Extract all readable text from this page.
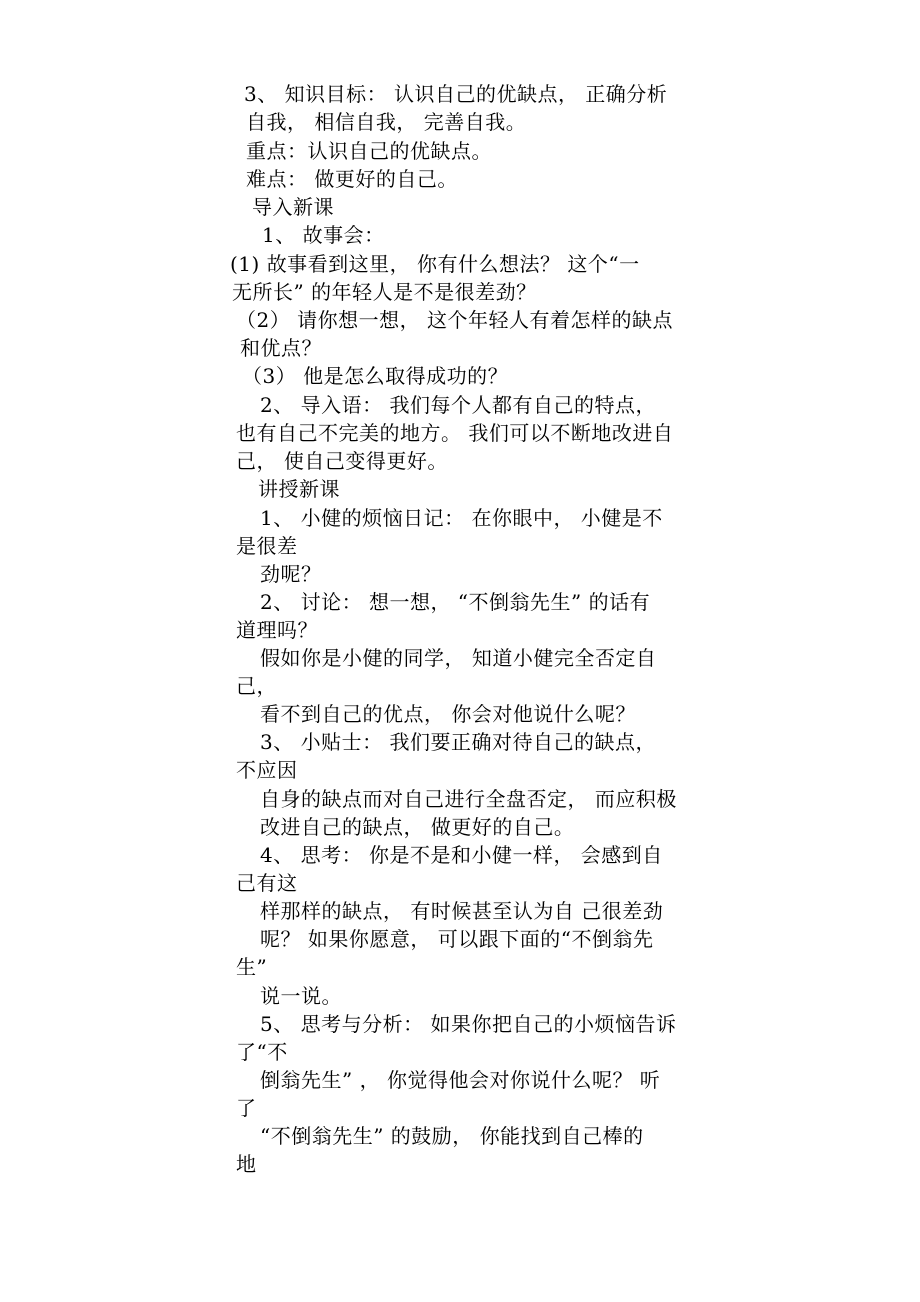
3、 知识目标： 认识自己的优缺点， 正确分析
自我， 相信自我， 完善自我。
重点：认识自己的优缺点。
难点： 做更好的自己。
导入新课
1、 故事会：
(1) 故事看到这里， 你有什么想法？ 这个“一
无所长” 的年轻人是不是很差劲？
（2） 请你想一想， 这个年轻人有着怎样的缺点
和优点？
（3） 他是怎么取得成功的？
2、 导入语： 我们每个人都有自己的特点，
也有自己不完美的地方。 我们可以不断地改进自
己， 使自己变得更好。
讲授新课
1、 小健的烦恼日记： 在你眼中， 小健是不
是很差
劲呢？
2、 讨论： 想一想， “不倒翁先生” 的话有
道理吗？
假如你是小健的同学， 知道小健完全否定自
己，
看不到自己的优点， 你会对他说什么呢？
3、 小贴士： 我们要正确对待自己的缺点，
不应因
自身的缺点而对自己进行全盘否定， 而应积极
改进自己的缺点， 做更好的自己。
4、 思考： 你是不是和小健一样， 会感到自
己有这
样那样的缺点， 有时候甚至认为自 己很差劲
呢？ 如果你愿意， 可以跟下面的“不倒翁先
生”
说一说。
5、 思考与分析： 如果你把自己的小烦恼告诉
了“不
倒翁先生” ， 你觉得他会对你说什么呢？ 听
了
“不倒翁先生” 的鼓励， 你能找到自己棒的
地
